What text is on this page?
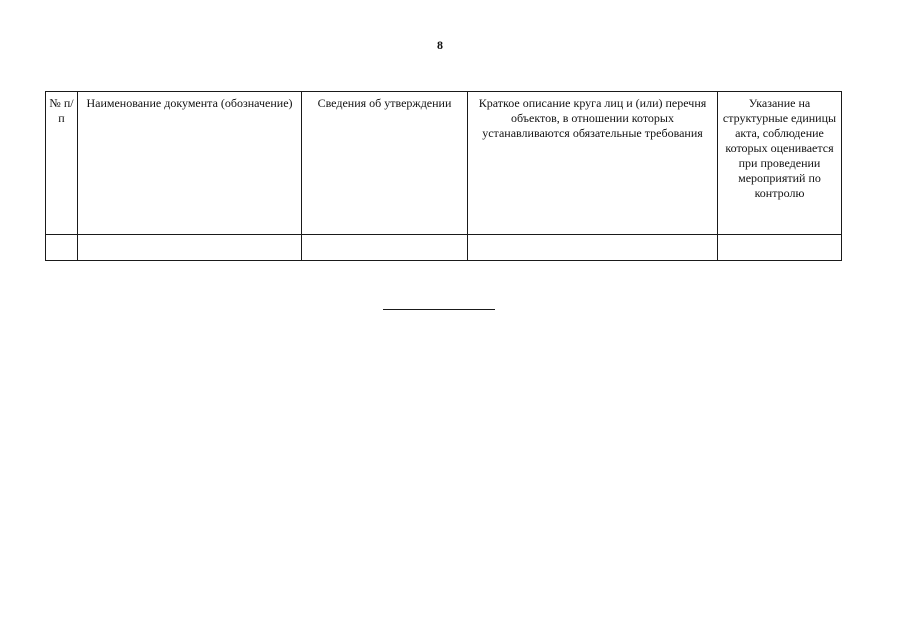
8
№ п/п	Наименование документа (обозначение)	Сведения об утверждении	Краткое описание круга лиц и (или) перечня объектов, в отношении которых устанавливаются обязательные требования	Указание на структурные единицы акта, соблюдение которых оценивается при проведении мероприятий по контролю
